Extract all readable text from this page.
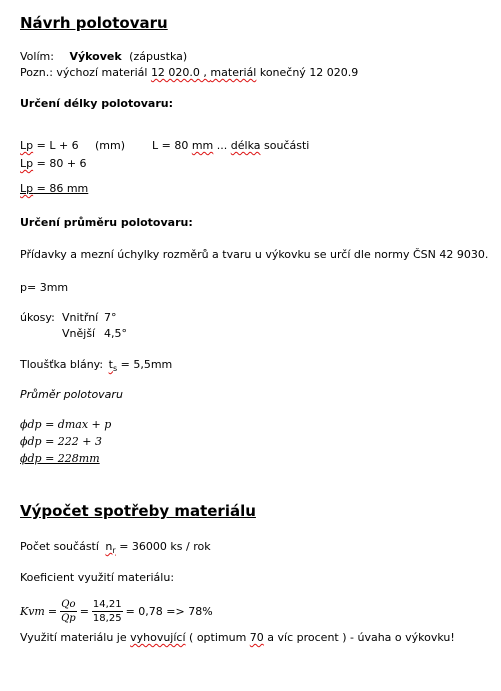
Návrh polotovaru
Volím: Výkovek (zápustka)
Pozn.: výchozí materiál 12 020.0 , materiál konečný 12 020.9
Určení délky polotovaru:
Lp = L + 6 (mm) L = 80 mm ... délka součásti
Lp = 80 + 6
Lp = 86 mm
Určení průměru polotovaru:
Přídavky a mezní úchylky rozměrů a tvaru u výkovku se určí dle normy ČSN 42 9030.
p= 3mm
úkosy: Vnitřní 7°
Vnější 4,5°
Tloušťka blány: $t_s = 5,5mm$
Průměr polotovaru
ϕdp = dmax + p
ϕdp = 222 + 3
ϕdp = 228mm
Výpočet spotřeby materiálu
Počet součástí $n_r = 36000$ ks / rok
Koeficient využití materiálu:
Kvm = $\frac{Qo}{Qp} = \frac{14,21}{18,25} = 0,78 => 78\%$
Využití materiálu je vyhovující ( optimum 70 a víc procent ) - úvaha o výkovku!
